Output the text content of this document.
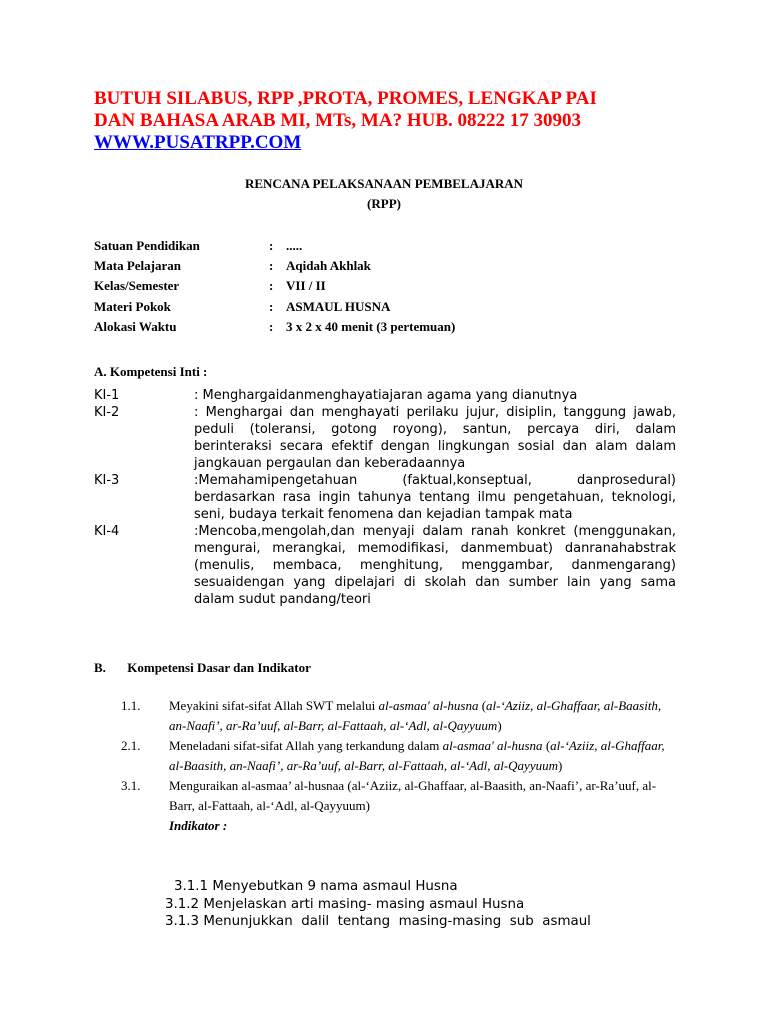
BUTUH SILABUS, RPP ,PROTA, PROMES, LENGKAP PAI
DAN BAHASA ARAB MI, MTs, MA? HUB. 08222 17 30903
WWW.PUSATRPP.COM
RENCANA PELAKSANAAN PEMBELAJARAN
(RPP)
Satuan Pendidikan	: .....
Mata Pelajaran	: Aqidah Akhlak
Kelas/Semester	: VII / II
Materi Pokok	: ASMAUL HUSNA
Alokasi Waktu	: 3 x 2 x 40 menit (3 pertemuan)
A. Kompetensi Inti :
KI-1	: Menghargaidanmenghayatiajaran agama yang dianutnya
KI-2	: Menghargai dan menghayati perilaku jujur, disiplin, tanggung jawab, peduli (toleransi, gotong royong), santun, percaya diri, dalam berinteraksi secara efektif dengan lingkungan sosial dan alam dalam jangkauan pergaulan dan keberadaannya
KI-3	:Memahamipengetahuan (faktual,konseptual, danprosedural) berdasarkan rasa ingin tahunya tentang ilmu pengetahuan, teknologi, seni, budaya terkait fenomena dan kejadian tampak mata
KI-4	:Mencoba,mengolah,dan menyaji dalam ranah konkret (menggunakan, mengurai, merangkai, memodifikasi, danmembuat) danranahabstrak (menulis, membaca, menghitung, menggambar, danmengarang) sesuaidengan yang dipelajari di skolah dan sumber lain yang sama dalam sudut pandang/teori
B. Kompetensi Dasar dan Indikator
1.1.	Meyakini sifat-sifat Allah SWT melalui al-asmaa' al-husna (al-‘Aziiz, al-Ghaffaar, al-Baasith, an-Naafi’, ar-Ra’uuf, al-Barr, al-Fattaah, al-‘Adl, al-Qayyuum)
2.1.	Meneladani sifat-sifat Allah yang terkandung dalam al-asmaa' al-husna (al-‘Aziiz, al-Ghaffaar, al-Baasith, an-Naafi’, ar-Ra’uuf, al-Barr, al-Fattaah, al-‘Adl, al-Qayyuum)
3.1.	Menguraikan al-asmaa’ al-husnaa (al-‘Aziiz, al-Ghaffaar, al-Baasith, an-Naafi’, ar-Ra’uuf, al-Barr, al-Fattaah, al-‘Adl, al-Qayyuum)
Indikator :
3.1.1 Menyebutkan 9 nama asmaul Husna
3.1.2 Menjelaskan arti masing- masing asmaul Husna
3.1.3 Menunjukkan  dalil  tentang  masing-masing  sub  asmaul
